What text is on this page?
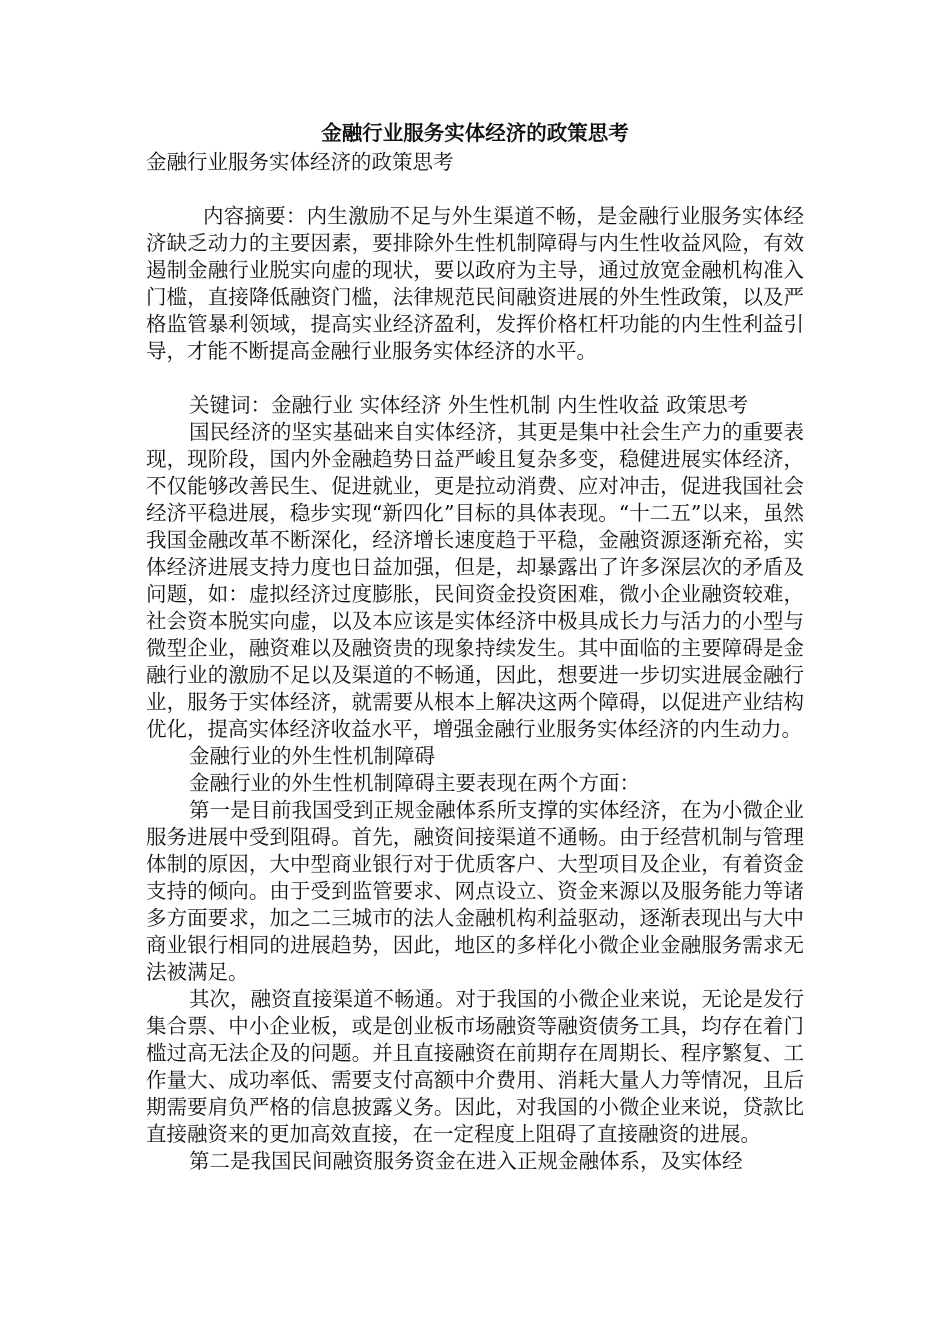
金融行业服务实体经济的政策思考

金融行业服务实体经济的政策思考

内容摘要：内生激励不足与外生渠道不畅，是金融行业服务实体经济缺乏动力的主要因素，要排除外生性机制障碍与内生性收益风险，有效遏制金融行业脱实向虚的现状，要以政府为主导，通过放宽金融机构准入门槛，直接降低融资门槛，法律规范民间融资进展的外生性政策，以及严格监管暴利领域，提高实业经济盈利，发挥价格杠杆功能的内生性利益引导，才能不断提高金融行业服务实体经济的水平。

关键词：金融行业 实体经济 外生性机制 内生性收益 政策思考

国民经济的坚实基础来自实体经济，其更是集中社会生产力的重要表现，现阶段，国内外金融趋势日益严峻且复杂多变，稳健进展实体经济，不仅能够改善民生、促进就业，更是拉动消费、应对冲击，促进我国社会经济平稳进展，稳步实现“新四化”目标的具体表现。“十二五”以来，虽然我国金融改革不断深化，经济增长速度趋于平稳，金融资源逐渐充裕，实体经济进展支持力度也日益加强，但是，却暴露出了许多深层次的矛盾及问题，如：虚拟经济过度膨胀，民间资金投资困难，微小企业融资较难，社会资本脱实向虚，以及本应该是实体经济中极具成长力与活力的小型与微型企业，融资难以及融资贵的现象持续发生。其中面临的主要障碍是金融行业的激励不足以及渠道的不畅通，因此，想要进一步切实进展金融行业，服务于实体经济，就需要从根本上解决这两个障碍，以促进产业结构优化，提高实体经济收益水平，增强金融行业服务实体经济的内生动力。

金融行业的外生性机制障碍

金融行业的外生性机制障碍主要表现在两个方面：

第一是目前我国受到正规金融体系所支撑的实体经济，在为小微企业服务进展中受到阻碍。首先，融资间接渠道不通畅。由于经营机制与管理体制的原因，大中型商业银行对于优质客户、大型项目及企业，有着资金支持的倾向。由于受到监管要求、网点设立、资金来源以及服务能力等诸多方面要求，加之二三城市的法人金融机构利益驱动，逐渐表现出与大中商业银行相同的进展趋势，因此，地区的多样化小微企业金融服务需求无法被满足。

其次，融资直接渠道不畅通。对于我国的小微企业来说，无论是发行集合票、中小企业板，或是创业板市场融资等融资债务工具，均存在着门槛过高无法企及的问题。并且直接融资在前期存在周期长、程序繁复、工作量大、成功率低、需要支付高额中介费用、消耗大量人力等情况，且后期需要肩负严格的信息披露义务。因此，对我国的小微企业来说，贷款比直接融资来的更加高效直接，在一定程度上阻碍了直接融资的进展。

第二是我国民间融资服务资金在进入正规金融体系，及实体经
